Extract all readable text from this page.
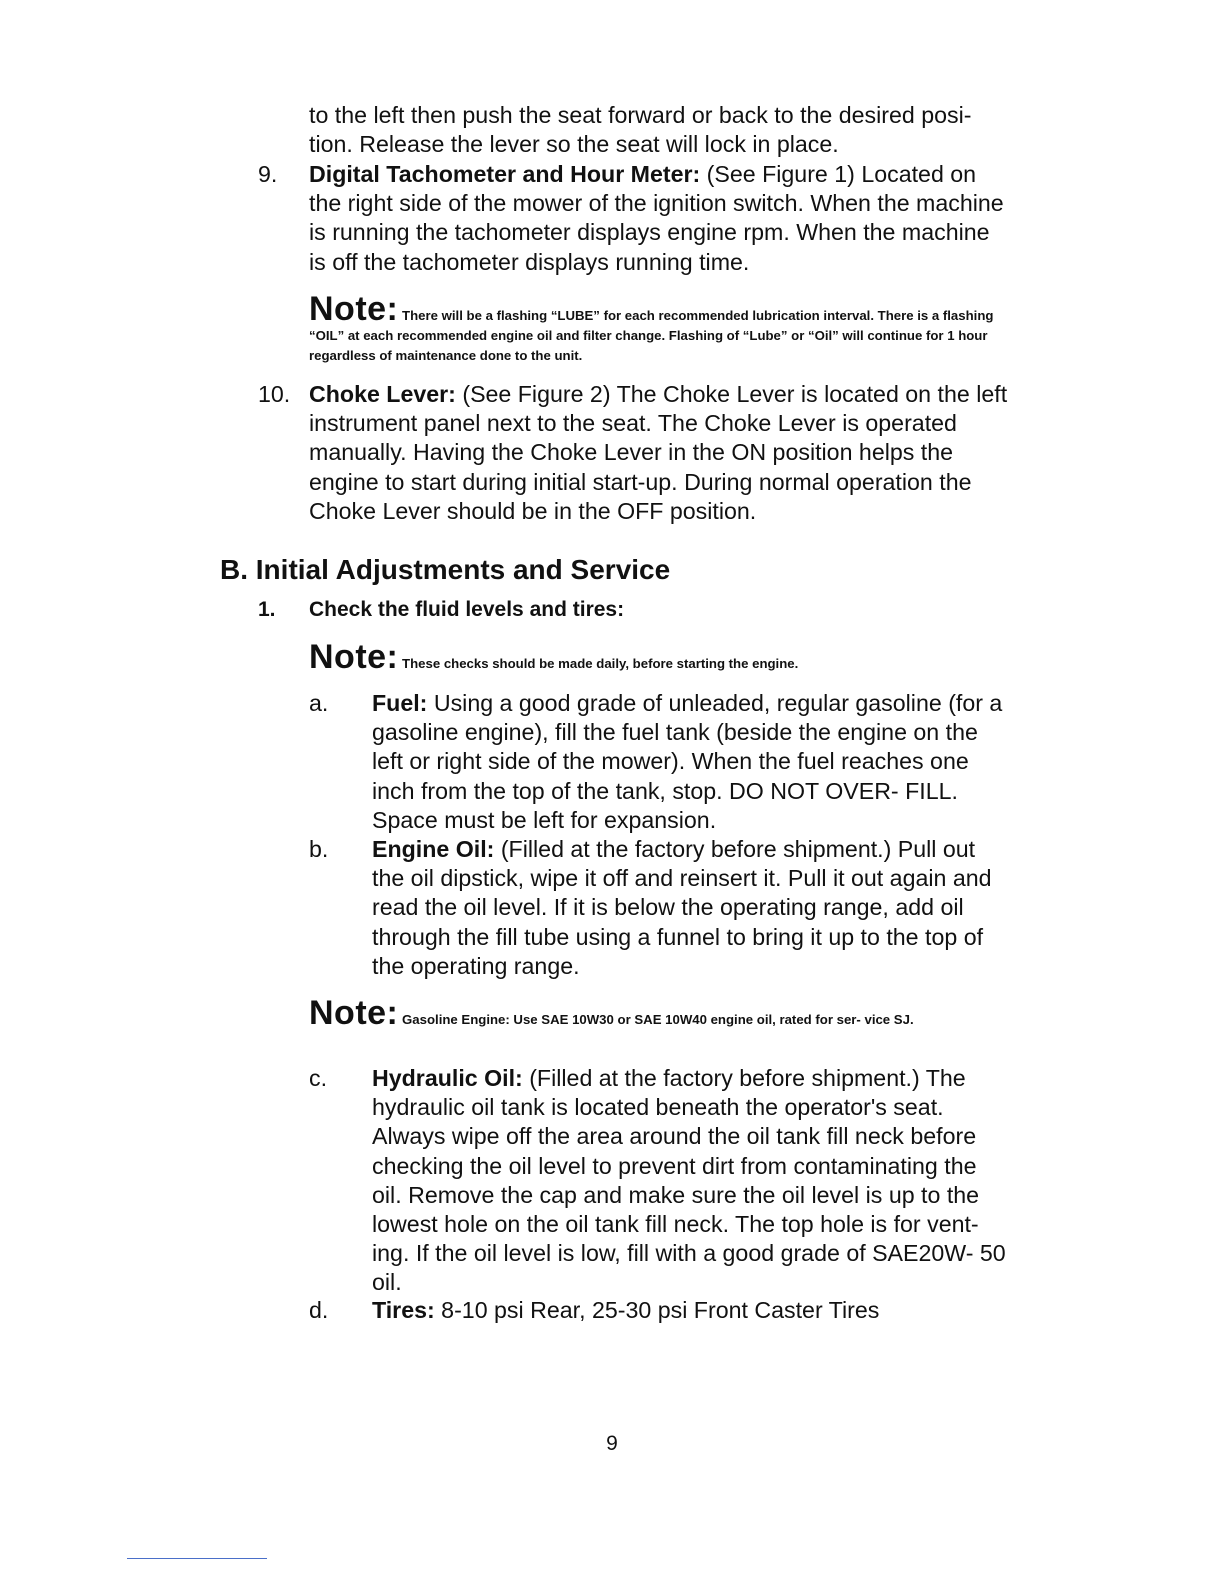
to the left then push the seat forward or back to the desired posi- tion. Release the lever so the seat will lock in place.
9. Digital Tachometer and Hour Meter: (See Figure 1) Located on the right side of the mower of the ignition switch. When the machine is running the tachometer displays engine rpm. When the machine is off the tachometer displays running time.
Note: There will be a flashing “LUBE” for each recommended lubrication interval. There is a flashing “OIL” at each recommended engine oil and filter change. Flashing of “Lube” or “Oil” will continue for 1 hour regardless of maintenance done to the unit.
10. Choke Lever: (See Figure 2) The Choke Lever is located on the left instrument panel next to the seat. The Choke Lever is operated manually. Having the Choke Lever in the ON position helps the engine to start during initial start-up. During normal operation the Choke Lever should be in the OFF position.
B. Initial Adjustments and Service
1. Check the fluid levels and tires:
Note: These checks should be made daily, before starting the engine.
a. Fuel: Using a good grade of unleaded, regular gasoline (for a gasoline engine), fill the fuel tank (beside the engine on the left or right side of the mower). When the fuel reaches one inch from the top of the tank, stop. DO NOT OVER- FILL. Space must be left for expansion.
b. Engine Oil: (Filled at the factory before shipment.) Pull out the oil dipstick, wipe it off and reinsert it. Pull it out again and read the oil level. If it is below the operating range, add oil through the fill tube using a funnel to bring it up to the top of the operating range.
Note: Gasoline Engine: Use SAE 10W30 or SAE 10W40 engine oil, rated for ser- vice SJ.
c. Hydraulic Oil: (Filled at the factory before shipment.) The hydraulic oil tank is located beneath the operator's seat. Always wipe off the area around the oil tank fill neck before checking the oil level to prevent dirt from contaminating the oil. Remove the cap and make sure the oil level is up to the lowest hole on the oil tank fill neck. The top hole is for vent- ing. If the oil level is low, fill with a good grade of SAE20W- 50 oil.
d. Tires: 8-10 psi Rear, 25-30 psi Front Caster Tires
9
